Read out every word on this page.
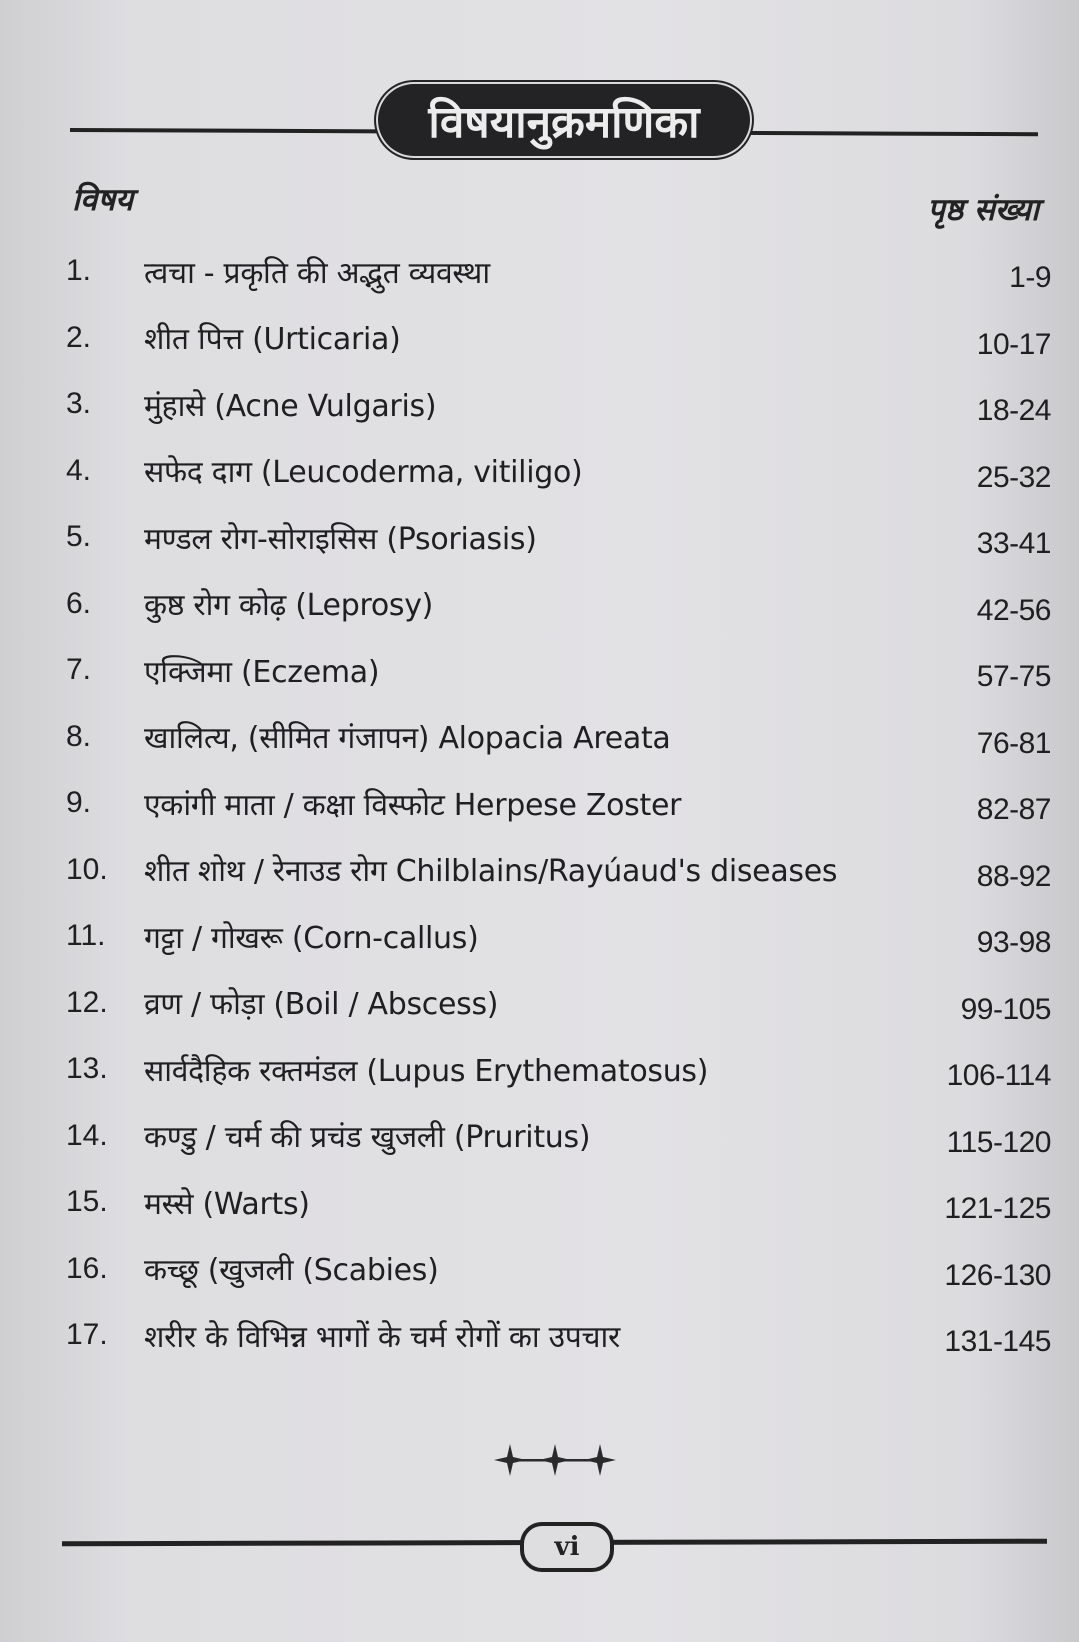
विषयानुक्रमणिका
विषय	पृष्ठ संख्या
1.	त्वचा - प्रकृति की अद्भुत व्यवस्था	1-9
2.	शीत पित्त (Urticaria)	10-17
3.	मुंहासे (Acne Vulgaris)	18-24
4.	सफेद दाग (Leucoderma, vitiligo)	25-32
5.	मण्डल रोग-सोराइसिस (Psoriasis)	33-41
6.	कुष्ठ रोग कोढ़ (Leprosy)	42-56
7.	एक्जिमा (Eczema)	57-75
8.	खालित्य, (सीमित गंजापन) Alopacia Areata	76-81
9.	एकांगी माता / कक्षा विस्फोट Herpese Zoster	82-87
10.	शीत शोथ / रेनाउड रोग Chilblains/Rayúaud's diseases	88-92
11.	गट्टा / गोखरू (Corn-callus)	93-98
12.	व्रण / फोड़ा (Boil / Abscess)	99-105
13.	सार्वदैहिक रक्तमंडल (Lupus Erythematosus)	106-114
14.	कण्डु / चर्म की प्रचंड खुजली (Pruritus)	115-120
15.	मस्से (Warts)	121-125
16.	कच्छू (खुजली (Scabies)	126-130
17.	शरीर के विभिन्न भागों के चर्म रोगों का उपचार	131-145
vi
